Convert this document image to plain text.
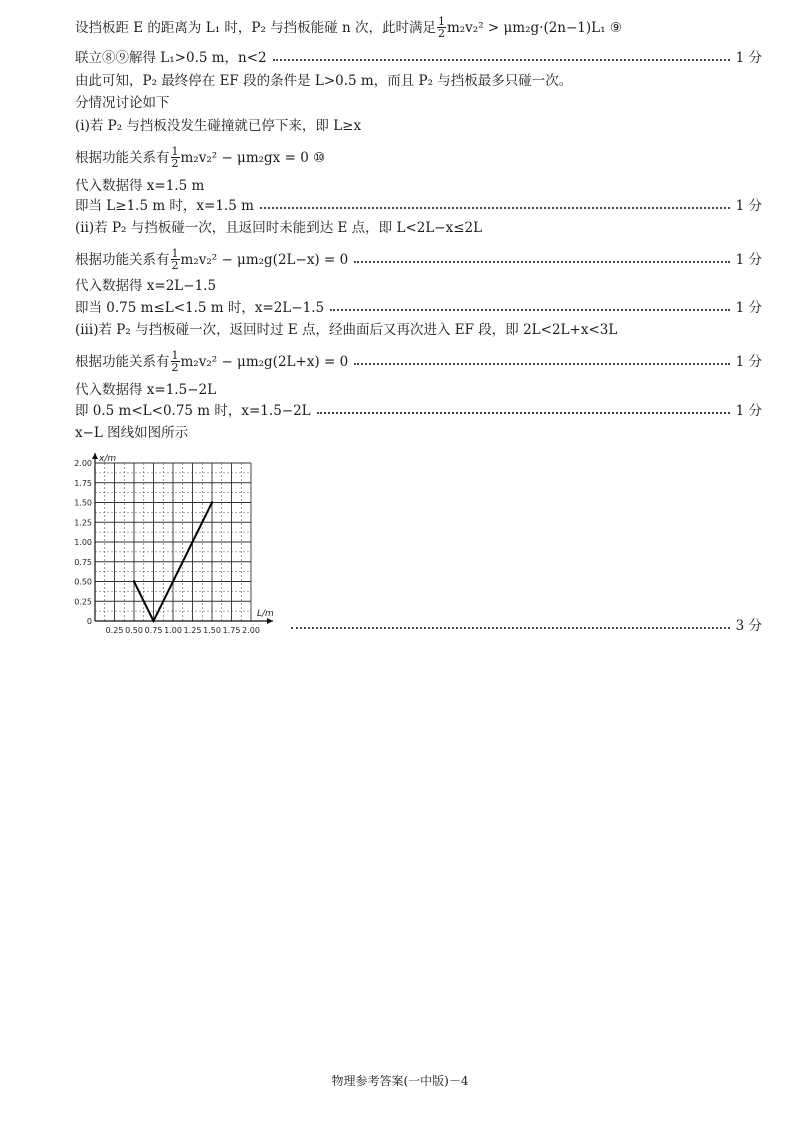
设挡板距 E 的距离为 L₁ 时，P₂ 与挡板能碰 n 次，此时满足 $\frac{1}{2} m_2v_2^2 > \mu m_2g\cdot(2n-1)L_1$ ⑨
联立⑧⑨解得 L₁>0.5 m，n<2	1 分
由此可知，P₂ 最终停在 EF 段的条件是 L>0.5 m，而且 P₂ 与挡板最多只碰一次。
分情况讨论如下
(ⅰ)若 P₂ 与挡板没发生碰撞就已停下来，即 L≥x
根据功能关系有 $\frac{1}{2} m_2v_2^2 - \mu m_2gx = 0$ ⑩
代入数据得 x=1.5 m
即当 L≥1.5 m 时，x=1.5 m	1 分
(ⅱ)若 P₂ 与挡板碰一次，且返回时未能到达 E 点，即 L<2L−x≤2L
根据功能关系有 $\frac{1}{2} m_2v_2^2 - \mu m_2g(2L-x) = 0$	1 分
代入数据得 x=2L−1.5
即当 0.75 m≤L<1.5 m 时，x=2L−1.5	1 分
(ⅲ)若 P₂ 与挡板碰一次，返回时过 E 点，经曲面后又再次进入 EF 段，即 2L<2L+x<3L
根据功能关系有 $\frac{1}{2} m_2v_2^2 - \mu m_2g(2L+x) = 0$	1 分
代入数据得 x=1.5−2L
即 0.5 m<L<0.75 m 时，x=1.5−2L	1 分
x−L 图线如图所示
3 分
0
0.25
0.50
0.75
1.00
1.25
1.50
1.75
2.00
0.25 0.50 0.75 1.00 1.25 1.50 1.75 2.00
L/m
x/m
物理参考答案(一中版)－4
